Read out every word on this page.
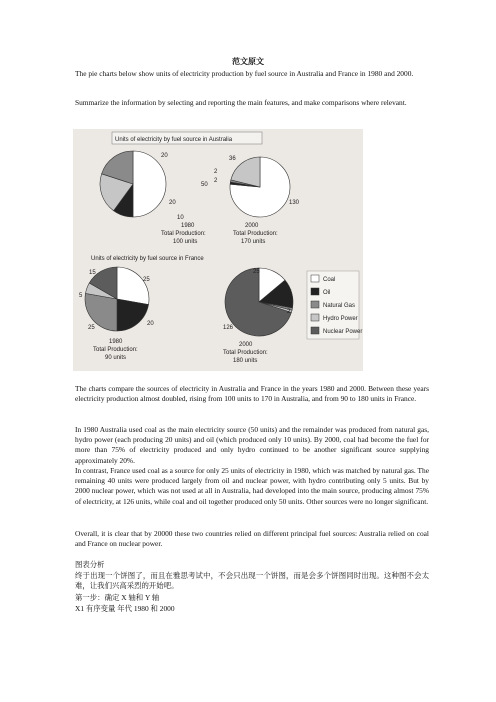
范文原文

The pie charts below show units of electricity production by fuel source in Australia and France in 1980 and 2000.

Summarize the information by selecting and reporting the main features, and make comparisons where relevant.

Units of electricity by fuel source in Australia
20
50
20
10
1980
Total Production:
100 units
36
2
2
130
2000
Total Production:
170 units
Units of electricity by fuel source in France
15
25
5
25
20
1980
Total Production:
90 units
25
25
2
2
126
2000
Total Production:
180 units
Coal
Oil
Natural Gas
Hydro Power
Nuclear Power

The charts compare the sources of electricity in Australia and France in the years 1980 and 2000. Between these years electricity production almost doubled, rising from 100 units to 170 in Australia, and from 90 to 180 units in France.

In 1980 Australia used coal as the main electricity source (50 units) and the remainder was produced from natural gas, hydro power (each producing 20 units) and oil (which produced only 10 units). By 2000, coal had become the fuel for more than 75% of electricity produced and only hydro continued to be another significant source supplying approximately 20%.

In contrast, France used coal as a source for only 25 units of electricity in 1980, which was matched by natural gas. The remaining 40 units were produced largely from oil and nuclear power, with hydro contributing only 5 units. But by 2000 nuclear power, which was not used at all in Australia, had developed into the main source, producing almost 75% of electricity, at 126 units, while coal and oil together produced only 50 units. Other sources were no longer significant.

Overall, it is clear that by 20000 these two countries relied on different principal fuel sources: Australia relied on coal and France on nuclear power.

图表分析

终于出现一个饼图了，而且在雅思考试中，不会只出现一个饼图，而是会多个饼图同时出现。这种图不会太难，让我们兴高采烈的开始吧。

第一步：确定 X 轴和 Y 轴

X1 有序变量 年代 1980 和 2000
